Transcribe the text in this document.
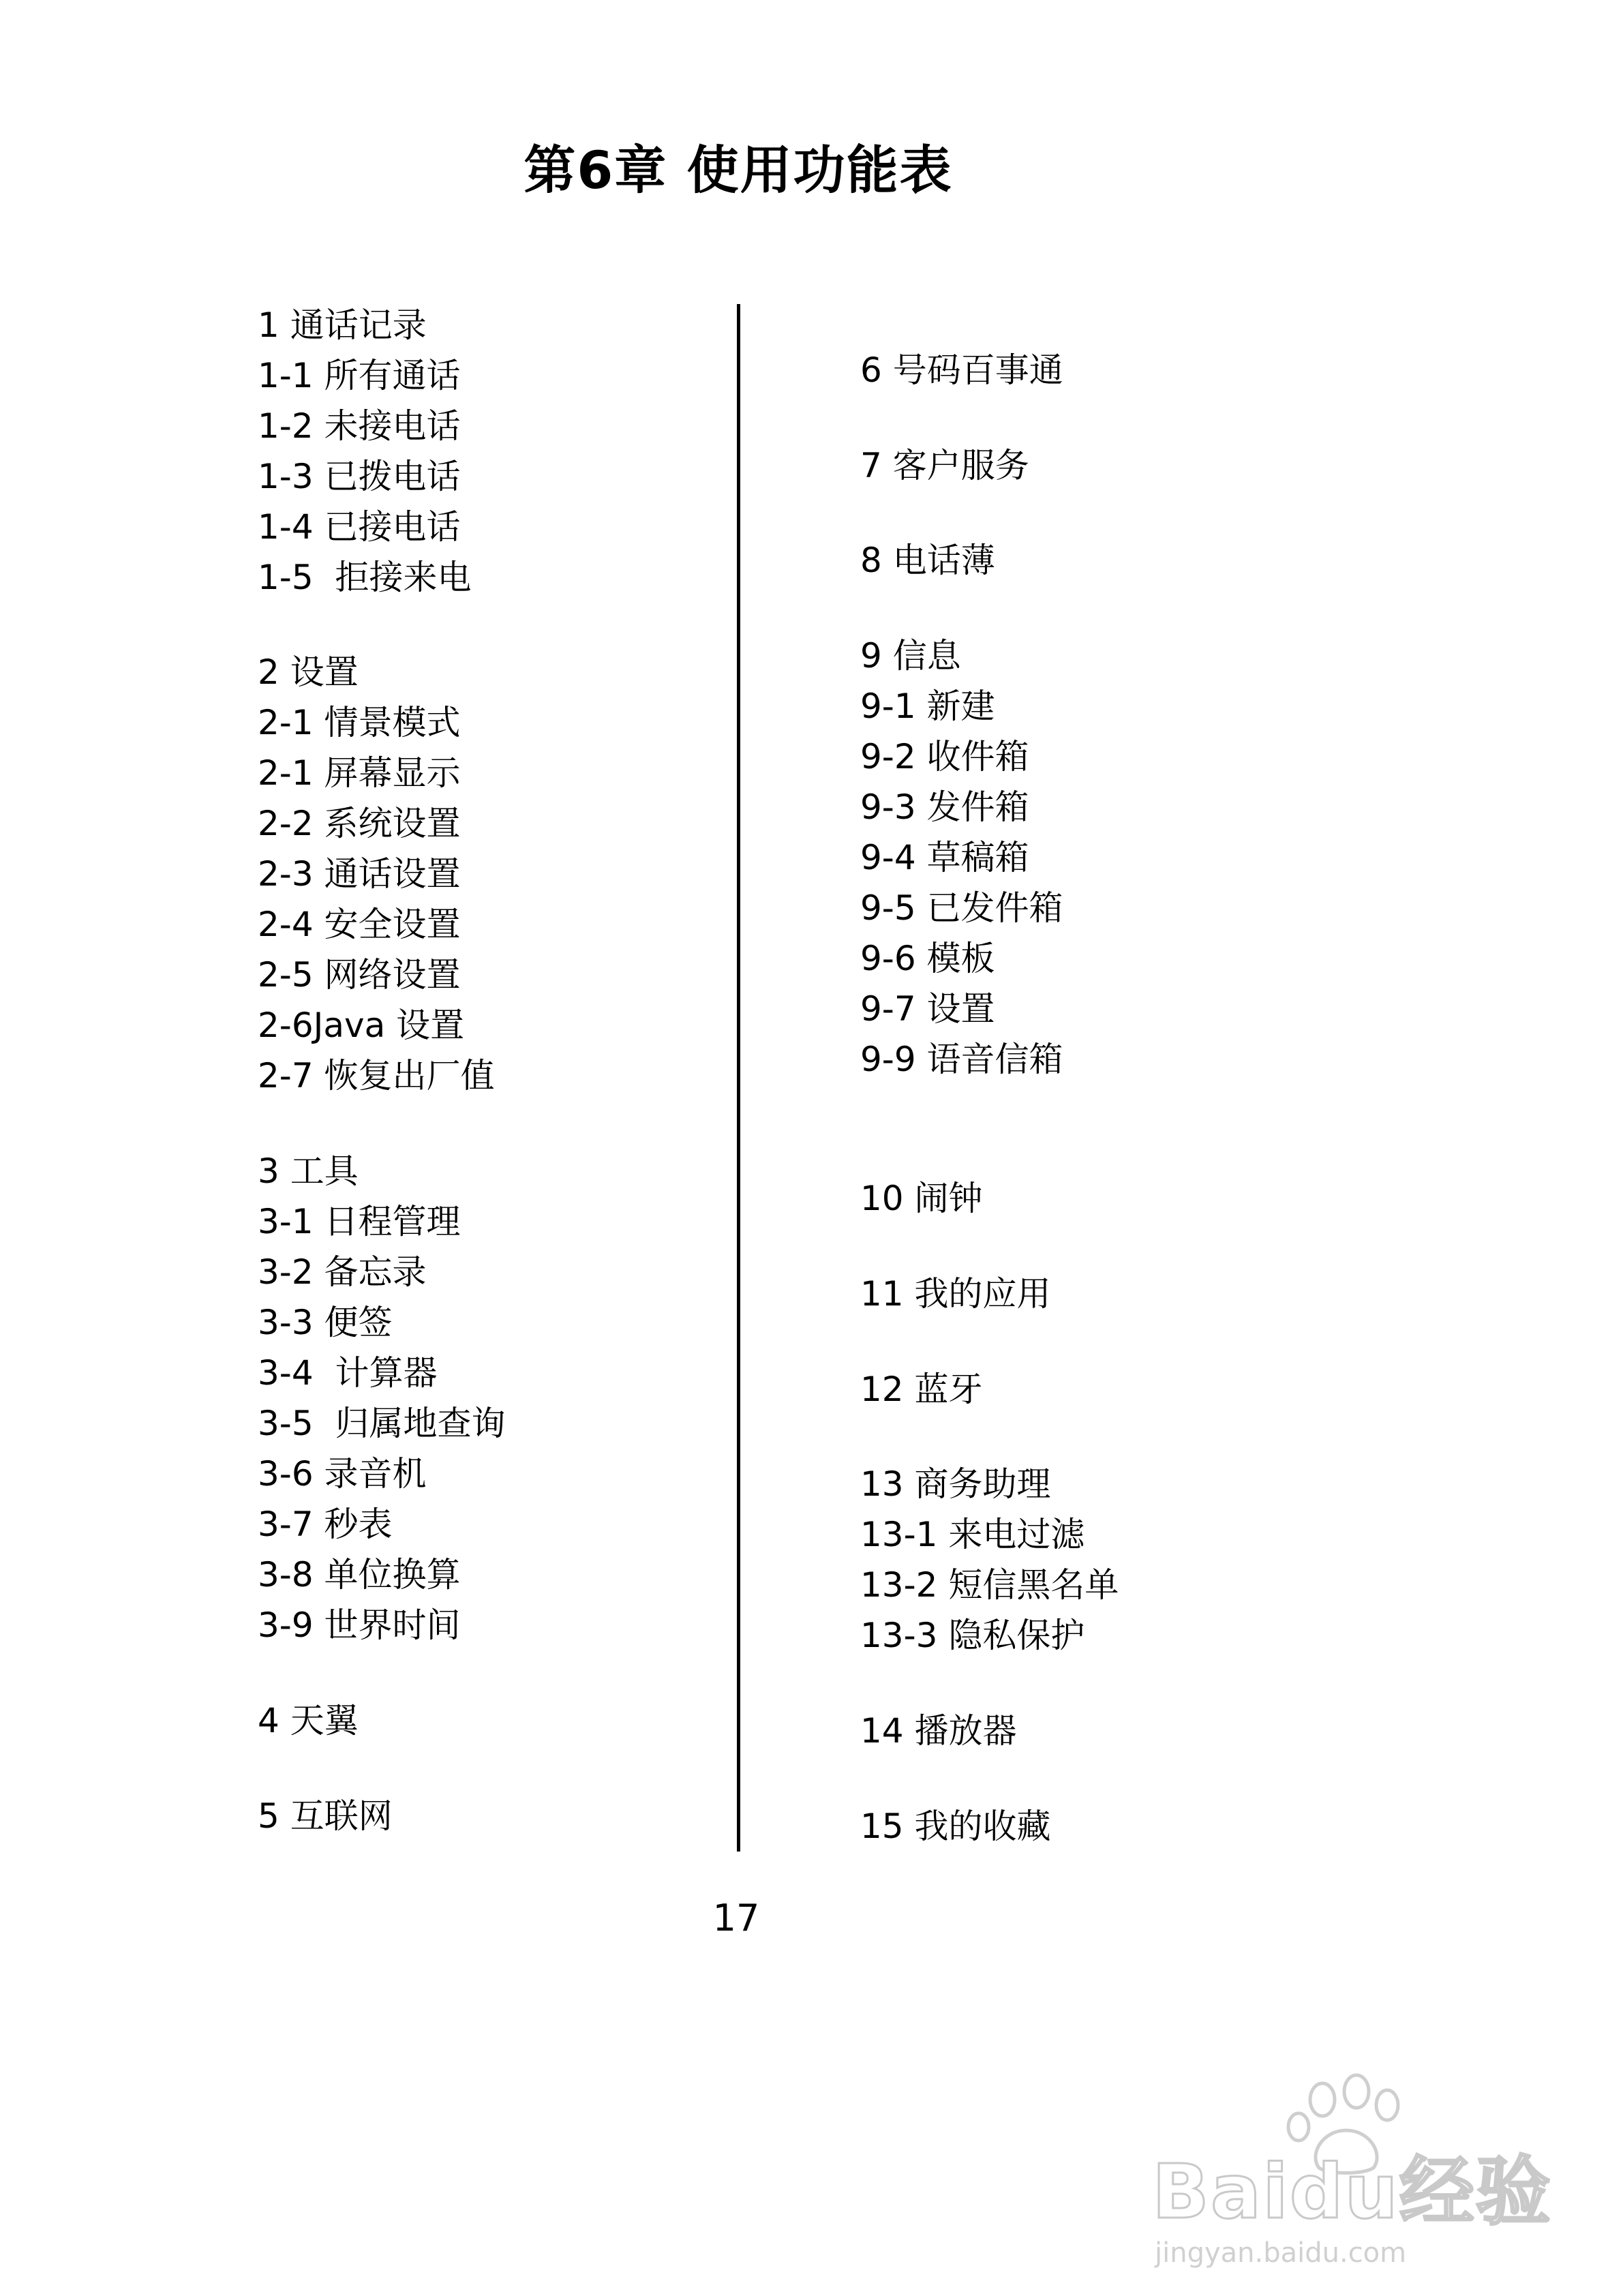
第6章 使用功能表
1 通话记录
1-1 所有通话
1-2 未接电话
1-3 已拨电话
1-4 已接电话
1-5  拒接来电
2 设置
2-1 情景模式
2-1 屏幕显示
2-2 系统设置
2-3 通话设置
2-4 安全设置
2-5 网络设置
2-6Java 设置
2-7 恢复出厂值
3 工具
3-1 日程管理
3-2 备忘录
3-3 便签
3-4  计算器
3-5  归属地查询
3-6 录音机
3-7 秒表
3-8 单位换算
3-9 世界时间
4 天翼
5 互联网
6 号码百事通
7 客户服务
8 电话薄
9 信息
9-1 新建
9-2 收件箱
9-3 发件箱
9-4 草稿箱
9-5 已发件箱
9-6 模板
9-7 设置
9-9 语音信箱
10 闹钟
11 我的应用
12 蓝牙
13 商务助理
13-1 来电过滤
13-2 短信黑名单
13-3 隐私保护
14 播放器
15 我的收藏
17
Baidu经验
jingyan.baidu.com
